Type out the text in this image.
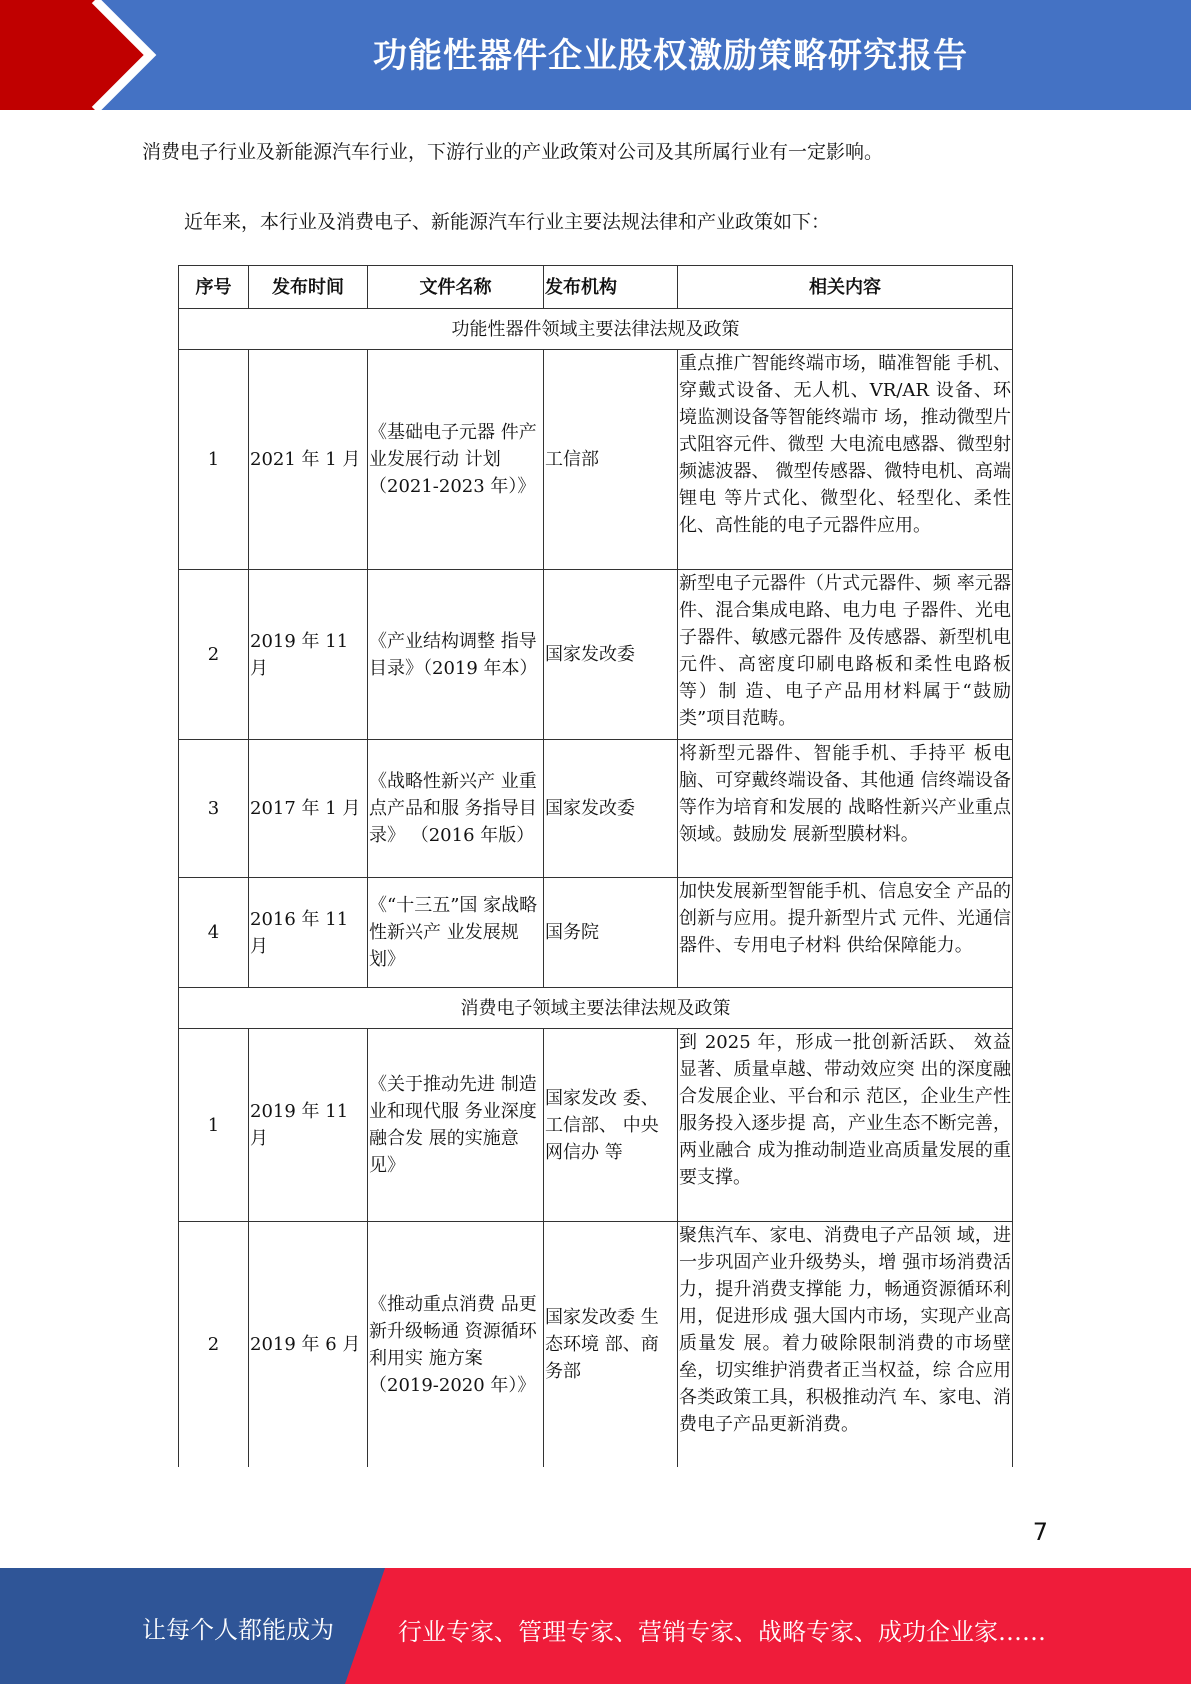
功能性器件企业股权激励策略研究报告
消费电子行业及新能源汽车行业，下游行业的产业政策对公司及其所属行业有一定影响。
近年来，本行业及消费电子、新能源汽车行业主要法规法律和产业政策如下：
序号	发布时间	文件名称	发布机构	相关内容
功能性器件领域主要法律法规及政策				
1	2021 年 1 月	《基础电子元器 件产业发展行动 计划（2021-2023 年）》	工信部	重点推广智能终端市场，瞄准智能 手机、穿戴式设备、无人机、VR/AR 设备、环境监测设备等智能终端市 场，推动微型片式阻容元件、微型 大电流电感器、微型射频滤波器、 微型传感器、微特电机、高端锂电 等片式化、微型化、轻型化、柔性 化、高性能的电子元器件应用。
2	2019 年 11 月	《产业结构调整 指导目录》（2019 年本）	国家发改委	新型电子元器件（片式元器件、频 率元器件、混合集成电路、电力电 子器件、光电子器件、敏感元器件 及传感器、新型机电元件、高密度印刷电路板和柔性电路板等）制 造、电子产品用材料属于“鼓励 类”项目范畴。
3	2017 年 1 月	《战略性新兴产 业重点产品和服 务指导目录》 （2016 年版）	国家发改委	将新型元器件、智能手机、手持平 板电脑、可穿戴终端设备、其他通 信终端设备等作为培育和发展的 战略性新兴产业重点领域。鼓励发 展新型膜材料。
4	2016 年 11 月	《“十三五”国 家战略性新兴产 业发展规划》	国务院	加快发展新型智能手机、信息安全 产品的创新与应用。提升新型片式 元件、光通信器件、专用电子材料 供给保障能力。
消费电子领域主要法律法规及政策				
1	2019 年 11 月	《关于推动先进 制造业和现代服 务业深度融合发 展的实施意见》	国家发改 委、工信部、 中央网信办 等	到 2025 年，形成一批创新活跃、 效益显著、质量卓越、带动效应突 出的深度融合发展企业、平台和示 范区，企业生产性服务投入逐步提 高，产业生态不断完善，两业融合 成为推动制造业高质量发展的重 要支撑。
2	2019 年 6 月	《推动重点消费 品更新升级畅通 资源循环利用实 施方案（2019-2020 年）》	国家发改委 生态环境 部、商务部	聚焦汽车、家电、消费电子产品领 域，进一步巩固产业升级势头，增 强市场消费活力，提升消费支撑能 力，畅通资源循环利用，促进形成 强大国内市场，实现产业高质量发 展。着力破除限制消费的市场壁 垒，切实维护消费者正当权益，综 合应用各类政策工具，积极推动汽 车、家电、消费电子产品更新消费。
7
让每个人都能成为	行业专家、管理专家、营销专家、战略专家、成功企业家……
